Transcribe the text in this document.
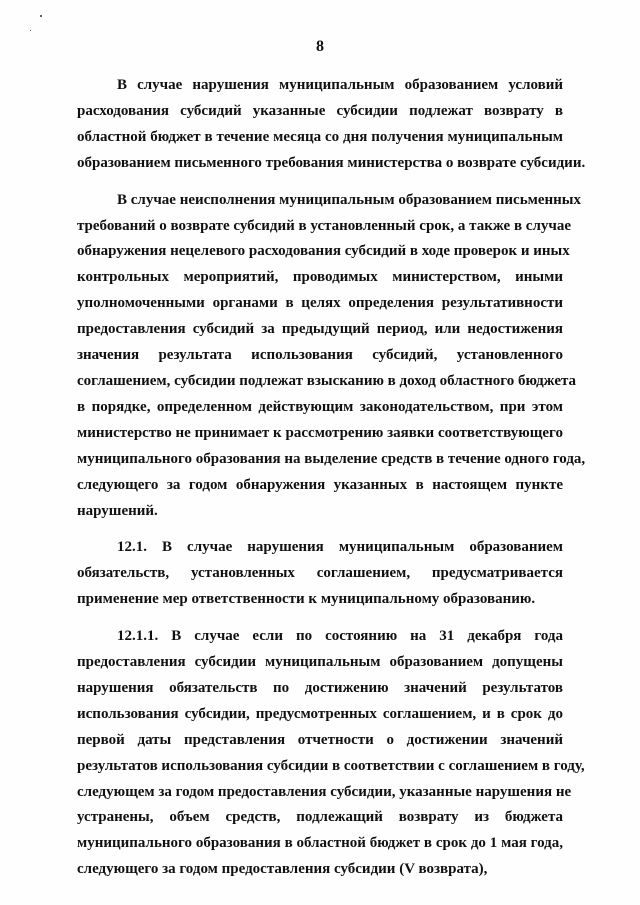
8
В случае нарушения муниципальным образованием условий
расходования субсидий указанные субсидии подлежат возврату в
областной бюджет в течение месяца со дня получения муниципальным
образованием письменного требования министерства о возврате субсидии.
В случае неисполнения муниципальным образованием письменных
требований о возврате субсидий в установленный срок, а также в случае
обнаружения нецелевого расходования субсидий в ходе проверок и иных
контрольных мероприятий, проводимых министерством, иными
уполномоченными органами в целях определения результативности
предоставления субсидий за предыдущий период, или недостижения
значения результата использования субсидий, установленного
соглашением, субсидии подлежат взысканию в доход областного бюджета
в порядке, определенном действующим законодательством, при этом
министерство не принимает к рассмотрению заявки соответствующего
муниципального образования на выделение средств в течение одного года,
следующего за годом обнаружения указанных в настоящем пункте
нарушений.
12.1. В случае нарушения муниципальным образованием
обязательств, установленных соглашением, предусматривается
применение мер ответственности к муниципальному образованию.
12.1.1. В случае если по состоянию на 31 декабря года
предоставления субсидии муниципальным образованием допущены
нарушения обязательств по достижению значений результатов
использования субсидии, предусмотренных соглашением, и в срок до
первой даты представления отчетности о достижении значений
результатов использования субсидии в соответствии с соглашением в году,
следующем за годом предоставления субсидии, указанные нарушения не
устранены, объем средств, подлежащий возврату из бюджета
муниципального образования в областной бюджет в срок до 1 мая года,
следующего за годом предоставления субсидии (V возврата),
